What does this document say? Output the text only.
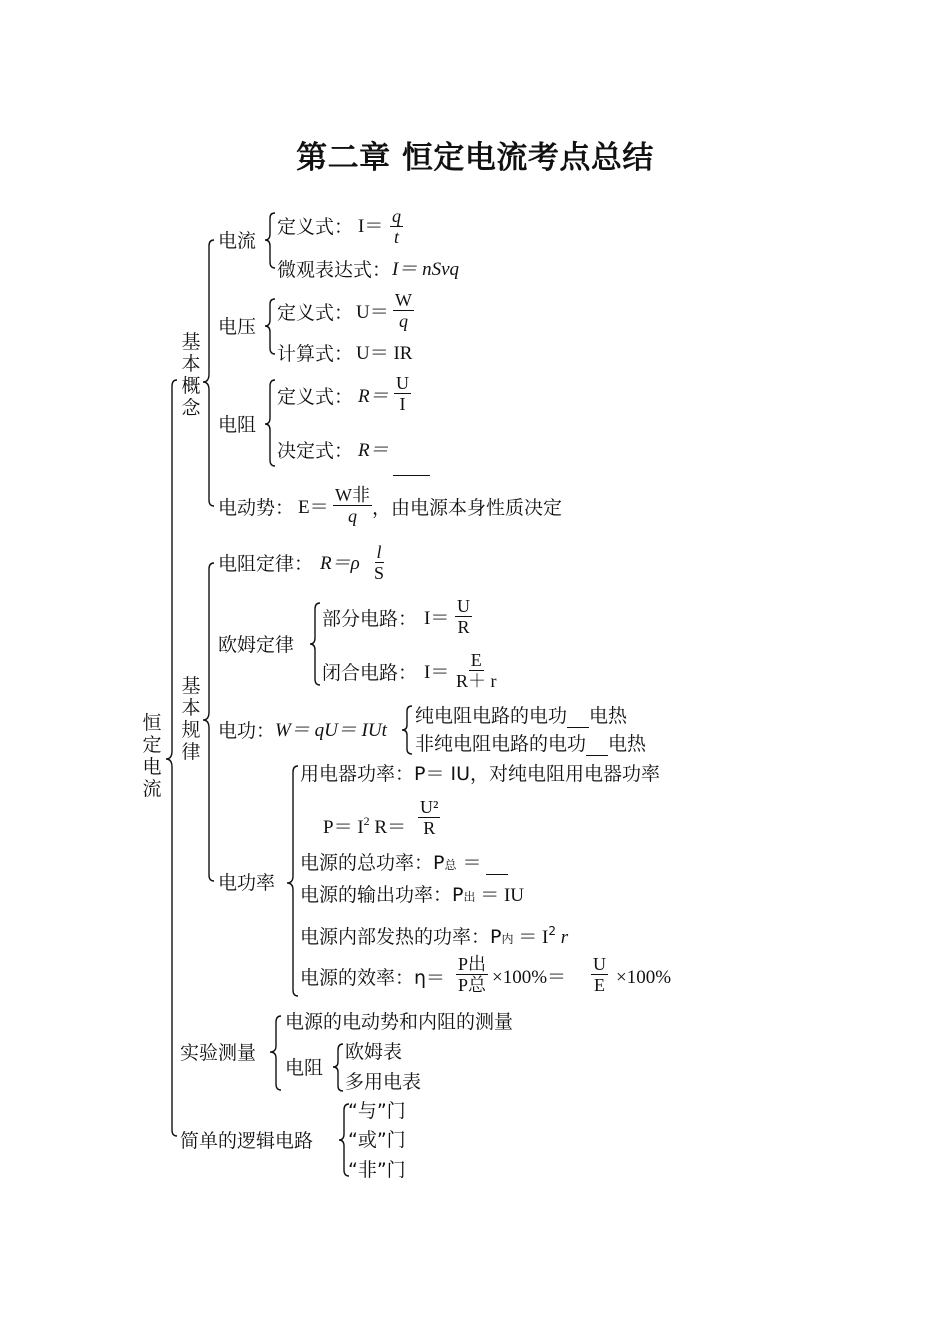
第二章 恒定电流考点总结
恒定电流
基本概念
基本规律
电流
定义式： $I= \frac{q}{t}$
微观表达式： I＝ nSvq
电压
定义式： $U= \frac{W}{q}$
计算式： U＝ IR
电阻
定义式： $R= \frac{U}{I}$
决定式： R＝
电动势： E＝
W非
q ，由电源本身性质决定
电阻定律： $R=\rho \frac{l}{S}$
欧姆定律
部分电路： $I= \frac{U}{R}$
闭合电路： $I= \frac{E}{R+ r}$
电功： W＝ qU＝ IUt
纯电阻电路的电功 电热
非纯电阻电路的电功 电热
电功率
用电器功率：P＝ IU，对纯电阻用电器功率
$P= I^2$ $R= \frac{\text{U²}}{R}$
电源的总功率：P总 ＝
电源的输出功率：P出 ＝ IU
电源内部发热的功率：P内 ＝ $I^2$ r
电源的效率：η＝
P出
P总 $\times 100\%= \frac{U}{E} \times 100\%$
实验测量
电源的电动势和内阻的测量
电阻
欧姆表
多用电表
简单的逻辑电路
“与”门
“或”门
“非”门
